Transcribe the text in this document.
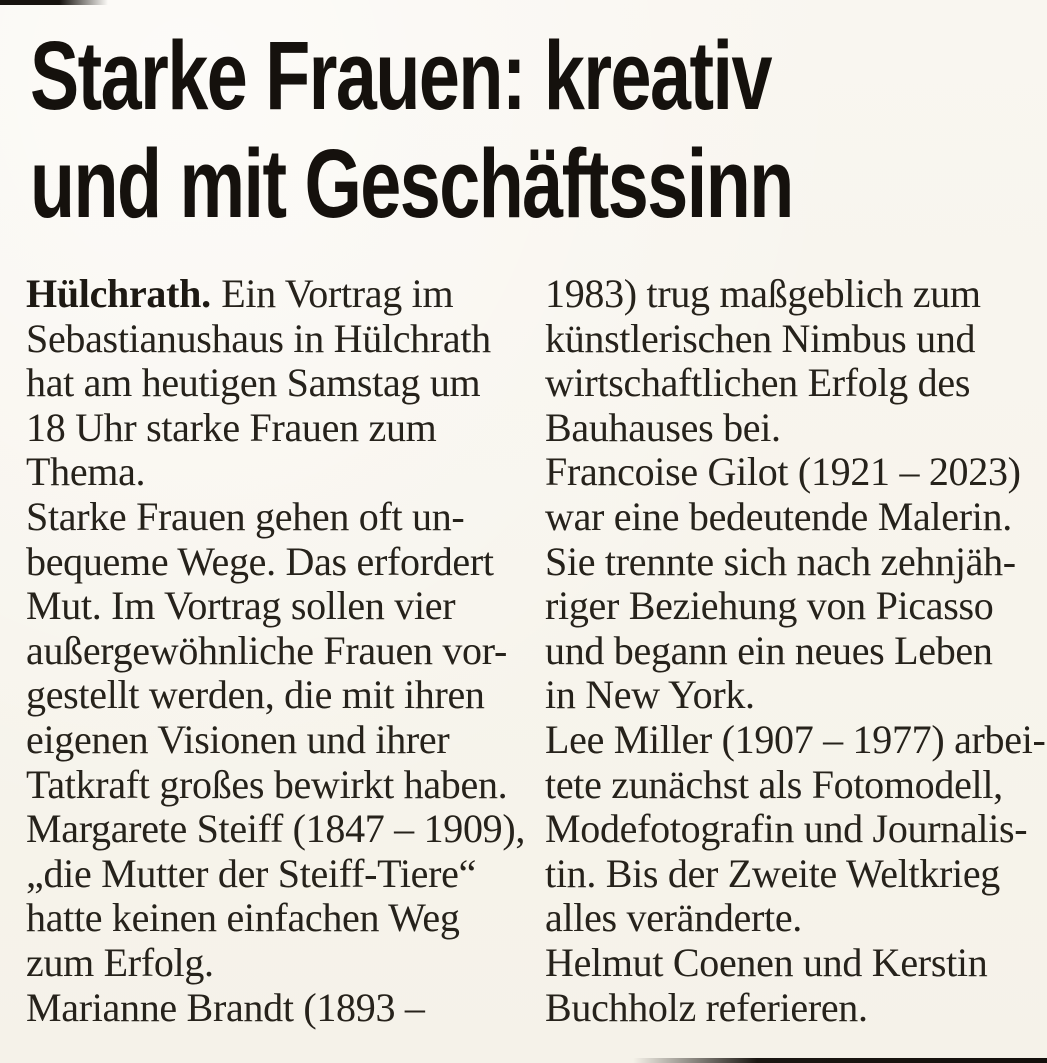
Starke Frauen: kreativ
und mit Geschäftssinn
Hülchrath. Ein Vortrag im
Sebastianushaus in Hülchrath
hat am heutigen Samstag um
18 Uhr starke Frauen zum
Thema.
Starke Frauen gehen oft un-
bequeme Wege. Das erfordert
Mut. Im Vortrag sollen vier
außergewöhnliche Frauen vor-
gestellt werden, die mit ihren
eigenen Visionen und ihrer
Tatkraft großes bewirkt haben.
Margarete Steiff (1847 – 1909),
„die Mutter der Steiff-Tiere“
hatte keinen einfachen Weg
zum Erfolg.
Marianne Brandt (1893 –
1983) trug maßgeblich zum
künstlerischen Nimbus und
wirtschaftlichen Erfolg des
Bauhauses bei.
Francoise Gilot (1921 – 2023)
war eine bedeutende Malerin.
Sie trennte sich nach zehnjäh-
riger Beziehung von Picasso
und begann ein neues Leben
in New York.
Lee Miller (1907 – 1977) arbei-
tete zunächst als Fotomodell,
Modefotografin und Journalis-
tin. Bis der Zweite Weltkrieg
alles veränderte.
Helmut Coenen und Kerstin
Buchholz referieren.
